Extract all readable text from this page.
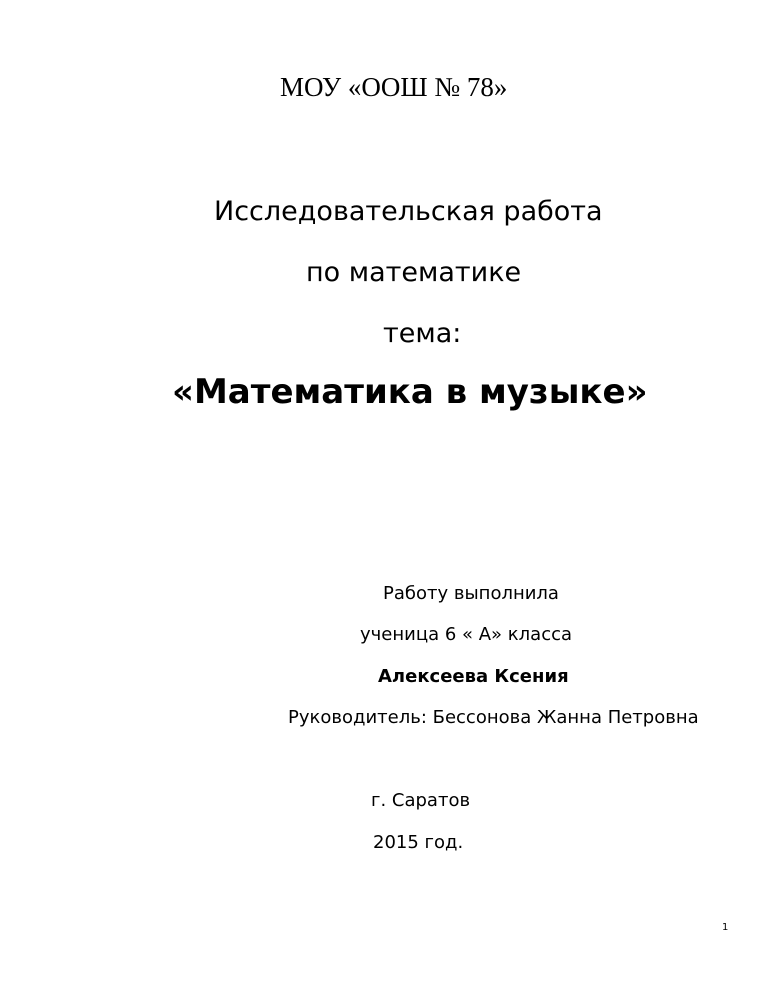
МОУ «ООШ № 78»
Исследовательская работа
по математике
тема:
«Математика в музыке»
Работу выполнила
ученица 6 « А» класса
Алексеева Ксения
Руководитель: Бессонова Жанна Петровна
г. Саратов
2015 год.
1
